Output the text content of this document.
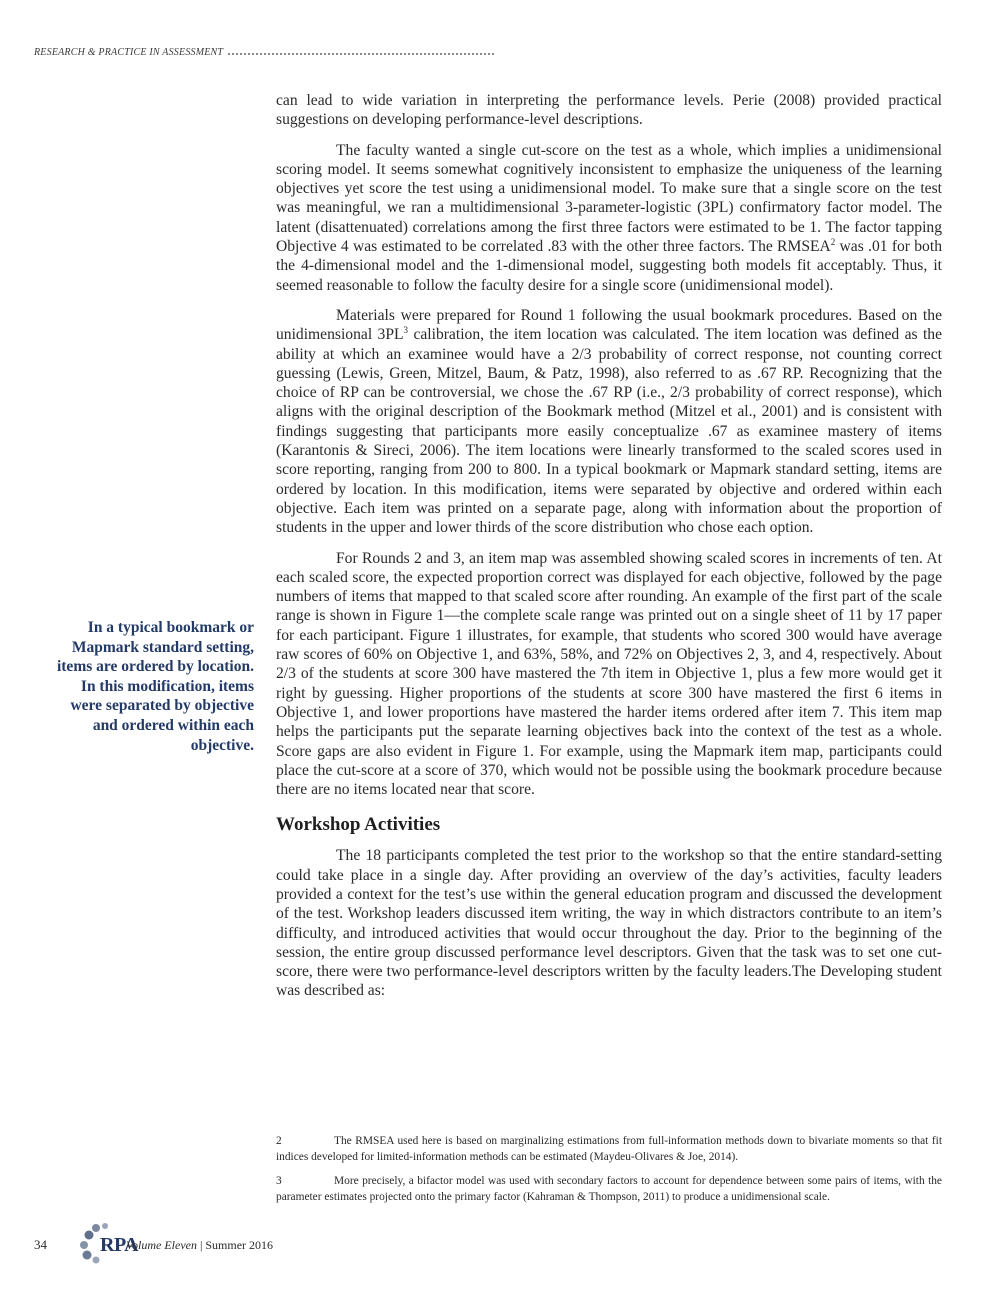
RESEARCH & PRACTICE IN ASSESSMENT
In a typical bookmark or Mapmark standard setting, items are ordered by location. In this modification, items were separated by objective and ordered within each objective.

can lead to wide variation in interpreting the performance levels. Perie (2008) provided practical suggestions on developing performance-level descriptions.

The faculty wanted a single cut-score on the test as a whole, which implies a unidimensional scoring model. It seems somewhat cognitively inconsistent to emphasize the uniqueness of the learning objectives yet score the test using a unidimensional model. To make sure that a single score on the test was meaningful, we ran a multidimensional 3-parameter-logistic (3PL) confirmatory factor model. The latent (disattenuated) correlations among the first three factors were estimated to be 1. The factor tapping Objective 4 was estimated to be correlated .83 with the other three factors. The RMSEA$^2$ was .01 for both the 4-dimensional model and the 1-dimensional model, suggesting both models fit acceptably. Thus, it seemed reasonable to follow the faculty desire for a single score (unidimensional model).

Materials were prepared for Round 1 following the usual bookmark procedures. Based on the unidimensional $3PL^3$ calibration, the item location was calculated. The item location was defined as the ability at which an examinee would have a 2/3 probability of correct response, not counting correct guessing (Lewis, Green, Mitzel, Baum, & Patz, 1998), also referred to as .67 RP. Recognizing that the choice of RP can be controversial, we chose the .67 RP (i.e., 2/3 probability of correct response), which aligns with the original description of the Bookmark method (Mitzel et al., 2001) and is consistent with findings suggesting that participants more easily conceptualize .67 as examinee mastery of items (Karantonis & Sireci, 2006). The item locations were linearly transformed to the scaled scores used in score reporting, ranging from 200 to 800. In a typical bookmark or Mapmark standard setting, items are ordered by location. In this modification, items were separated by objective and ordered within each objective. Each item was printed on a separate page, along with information about the proportion of students in the upper and lower thirds of the score distribution who chose each option.

For Rounds 2 and 3, an item map was assembled showing scaled scores in increments of ten. At each scaled score, the expected proportion correct was displayed for each objective, followed by the page numbers of items that mapped to that scaled score after rounding. An example of the first part of the scale range is shown in Figure 1—the complete scale range was printed out on a single sheet of 11 by 17 paper for each participant. Figure 1 illustrates, for example, that students who scored 300 would have average raw scores of 60% on Objective 1, and 63%, 58%, and 72% on Objectives 2, 3, and 4, respectively. About 2/3 of the students at score 300 have mastered the 7th item in Objective 1, plus a few more would get it right by guessing. Higher proportions of the students at score 300 have mastered the first 6 items in Objective 1, and lower proportions have mastered the harder items ordered after item 7. This item map helps the participants put the separate learning objectives back into the context of the test as a whole. Score gaps are also evident in Figure 1. For example, using the Mapmark item map, participants could place the cut-score at a score of 370, which would not be possible using the bookmark procedure because there are no items located near that score.

Workshop Activities

The 18 participants completed the test prior to the workshop so that the entire standard-setting could take place in a single day. After providing an overview of the day’s activities, faculty leaders provided a context for the test’s use within the general education program and discussed the development of the test. Workshop leaders discussed item writing, the way in which distractors contribute to an item’s difficulty, and introduced activities that would occur throughout the day. Prior to the beginning of the session, the entire group discussed performance level descriptors. Given that the task was to set one cut-score, there were two performance-level descriptors written by the faculty leaders.The Developing student was described as:

2	The RMSEA used here is based on marginalizing estimations from full-information methods down to bivariate moments so that fit indices developed for limited-information methods can be estimated (Maydeu-Olivares & Joe, 2014).
3	More precisely, a bifactor model was used with secondary factors to account for dependence between some pairs of items, with the parameter estimates projected onto the primary factor (Kahraman & Thompson, 2011) to produce a unidimensional scale.
34	RPA
Volume Eleven | Summer 2016
